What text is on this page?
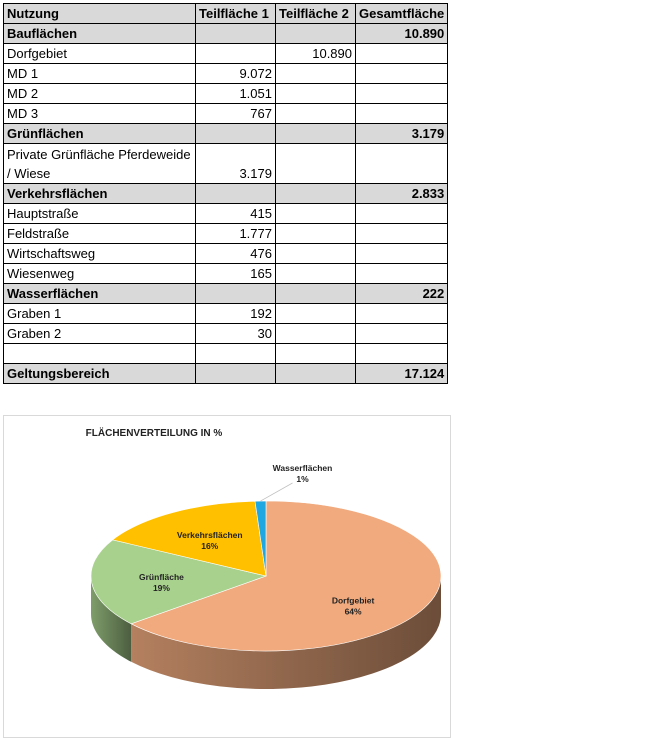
Nutzung	Teilfläche 1	Teilfläche 2	Gesamtfläche
Bauflächen			10.890
Dorfgebiet		10.890	
MD 1	9.072		
MD 2	1.051		
MD 3	767		
Grünflächen			3.179
Private Grünfläche Pferdeweide / Wiese	3.179		
Verkehrsflächen			2.833
Hauptstraße	415		
Feldstraße	1.777		
Wirtschaftsweg	476		
Wiesenweg	165		
Wasserflächen			222
Graben 1	192		
Graben 2	30		

Geltungsbereich			17.124
FLÄCHENVERTEILUNG IN %
Dorfgebiet
64%
Grünfläche
19%
Verkehrsflächen
16%
Wasserflächen
1%
